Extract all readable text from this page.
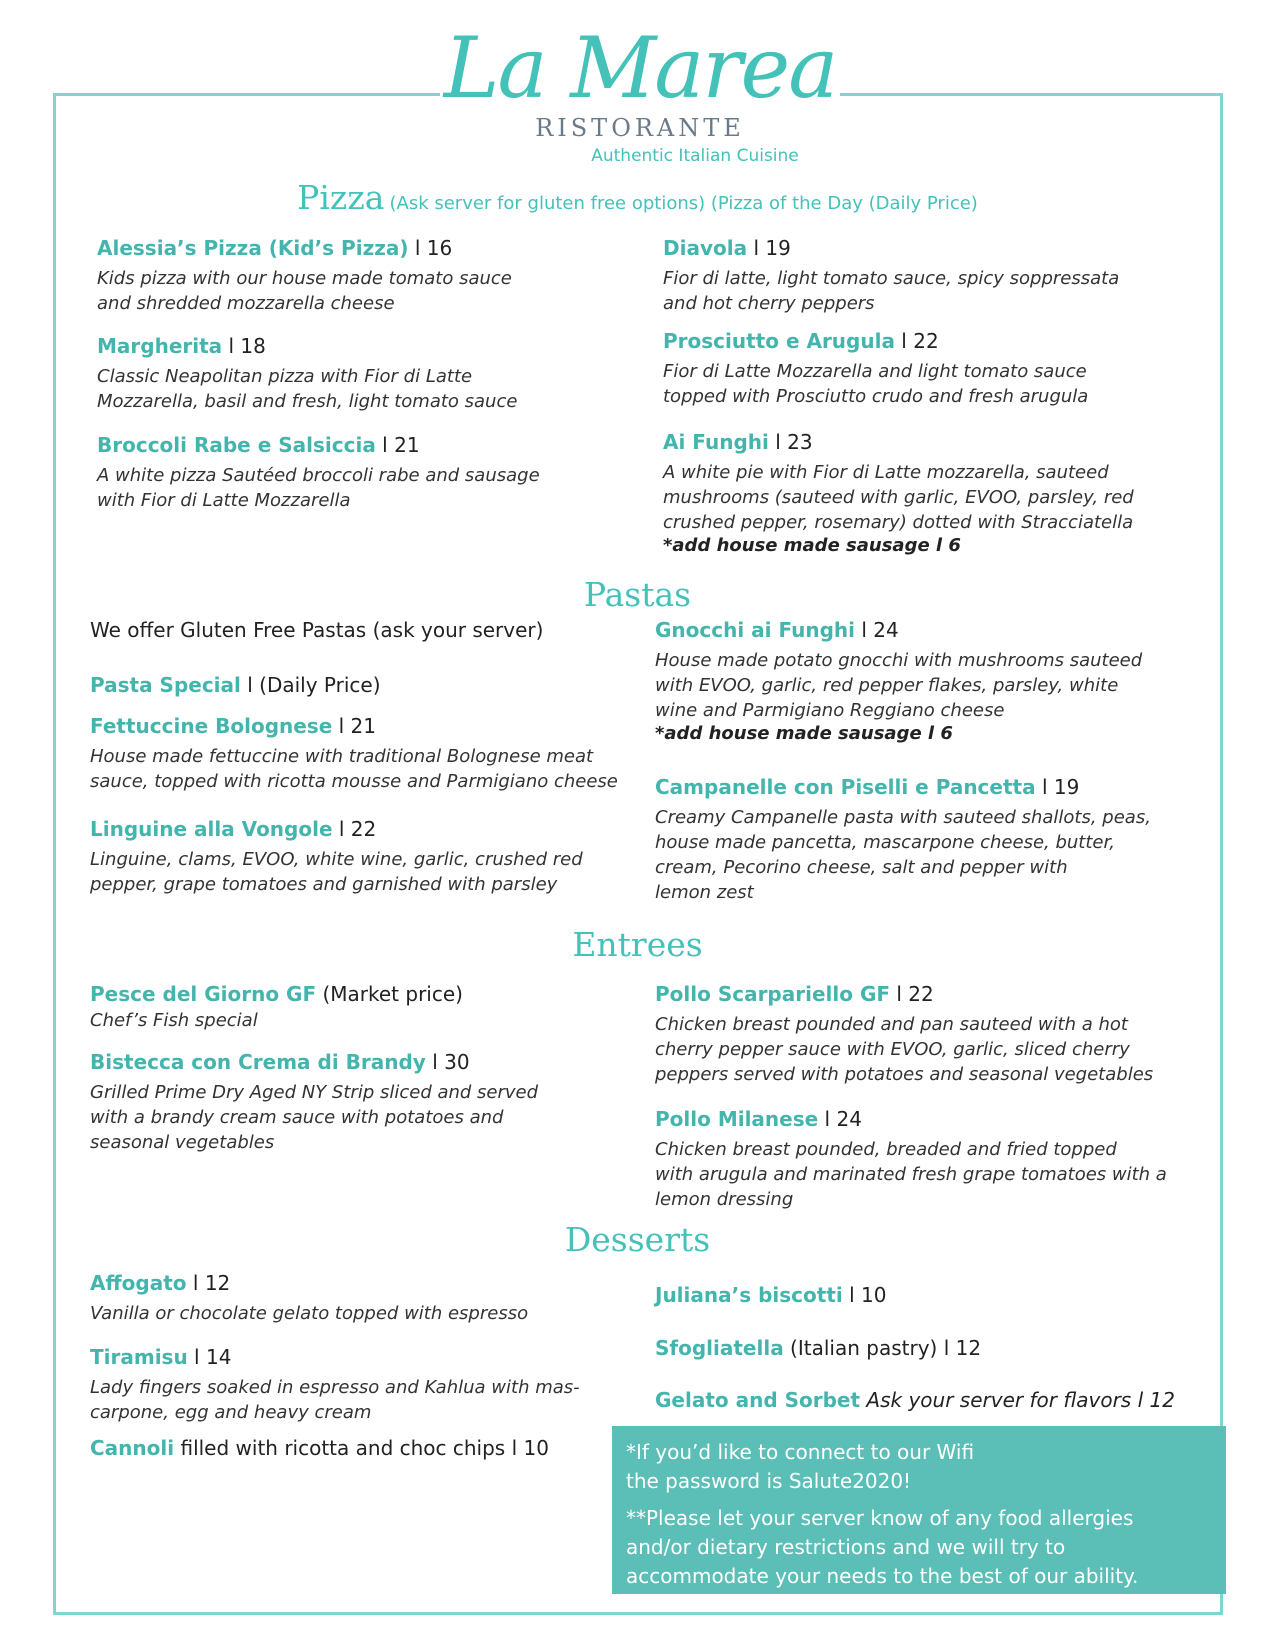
La Marea
RISTORANTE
Authentic Italian Cuisine
Pizza (Ask server for gluten free options) (Pizza of the Day (Daily Price)
Alessia’s Pizza (Kid’s Pizza) l 16
Kids pizza with our house made tomato sauce
and shredded mozzarella cheese
Margherita l 18
Classic Neapolitan pizza with Fior di Latte
Mozzarella, basil and fresh, light tomato sauce
Broccoli Rabe e Salsiccia l 21
A white pizza Sautéed broccoli rabe and sausage
with Fior di Latte Mozzarella
Diavola l 19
Fior di latte, light tomato sauce, spicy soppressata
and hot cherry peppers
Prosciutto e Arugula l 22
Fior di Latte Mozzarella and light tomato sauce
topped with Prosciutto crudo and fresh arugula
Ai Funghi l 23
A white pie with Fior di Latte mozzarella, sauteed
mushrooms (sauteed with garlic, EVOO, parsley, red
crushed pepper, rosemary) dotted with Stracciatella
*add house made sausage l 6
Pastas
We offer Gluten Free Pastas (ask your server)
Pasta Special l (Daily Price)
Fettuccine Bolognese l 21
House made fettuccine with traditional Bolognese meat
sauce, topped with ricotta mousse and Parmigiano cheese
Linguine alla Vongole l 22
Linguine, clams, EVOO, white wine, garlic, crushed red
pepper, grape tomatoes and garnished with parsley
Gnocchi ai Funghi l 24
House made potato gnocchi with mushrooms sauteed
with EVOO, garlic, red pepper flakes, parsley, white
wine and Parmigiano Reggiano cheese
*add house made sausage l 6
Campanelle con Piselli e Pancetta l 19
Creamy Campanelle pasta with sauteed shallots, peas,
house made pancetta, mascarpone cheese, butter,
cream, Pecorino cheese, salt and pepper with
lemon zest
Entrees
Pesce del Giorno GF (Market price)
Chef’s Fish special
Bistecca con Crema di Brandy l 30
Grilled Prime Dry Aged NY Strip sliced and served
with a brandy cream sauce with potatoes and
seasonal vegetables
Pollo Scarpariello GF l 22
Chicken breast pounded and pan sauteed with a hot
cherry pepper sauce with EVOO, garlic, sliced cherry
peppers served with potatoes and seasonal vegetables
Pollo Milanese l 24
Chicken breast pounded, breaded and fried topped
with arugula and marinated fresh grape tomatoes with a
lemon dressing
Desserts
Affogato l 12
Vanilla or chocolate gelato topped with espresso
Tiramisu l 14
Lady fingers soaked in espresso and Kahlua with mas-
carpone, egg and heavy cream
Cannoli filled with ricotta and choc chips l 10
Juliana’s biscotti l 10
Sfogliatella (Italian pastry) l 12
Gelato and Sorbet Ask your server for flavors l 12

*If you’d like to connect to our Wifi
the password is Salute2020!

**Please let your server know of any food allergies
and/or dietary restrictions and we will try to
accommodate your needs to the best of our ability.
